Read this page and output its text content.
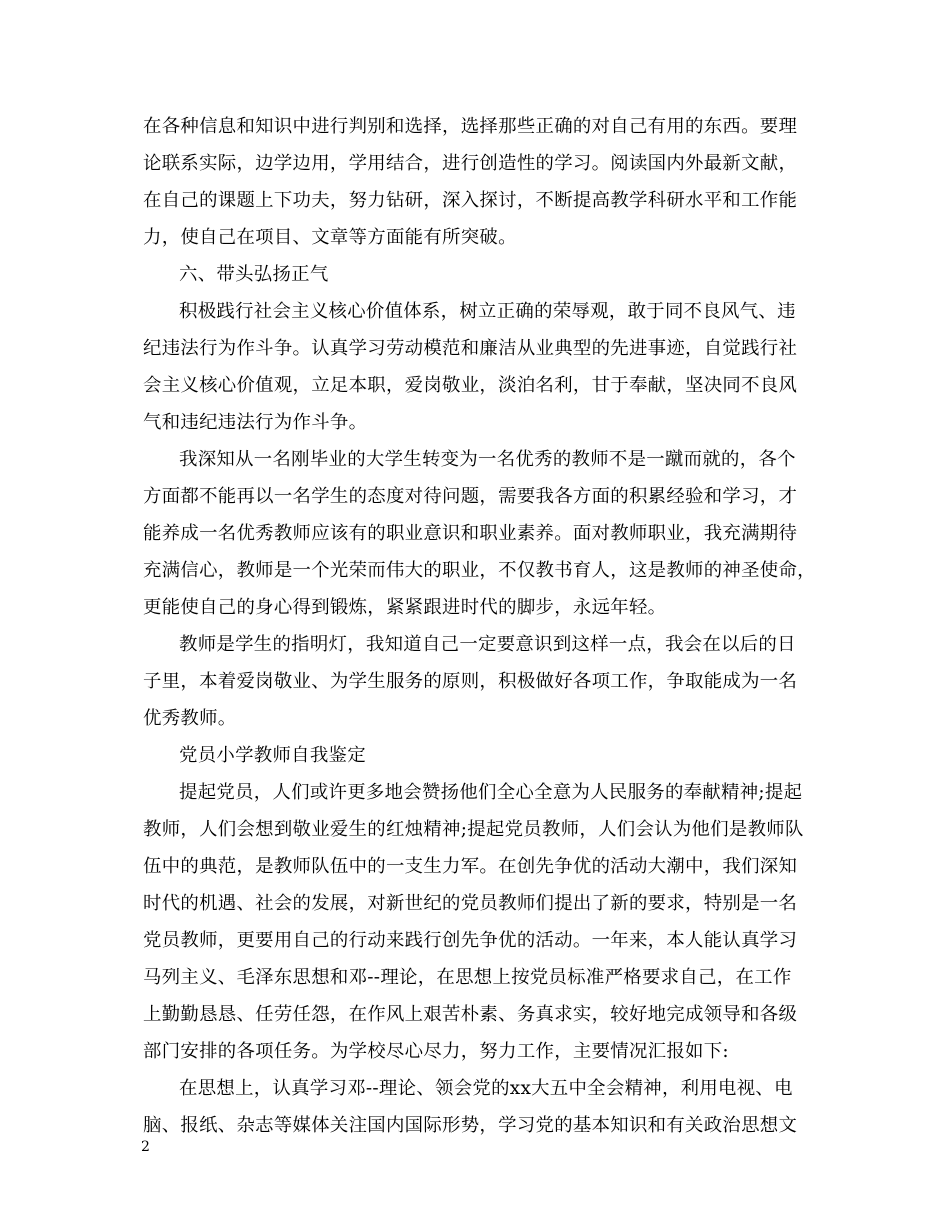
在各种信息和知识中进行判别和选择，选择那些正确的对自己有用的东西。要理
论联系实际，边学边用，学用结合，进行创造性的学习。阅读国内外最新文献，
在自己的课题上下功夫，努力钻研，深入探讨，不断提高教学科研水平和工作能
力，使自己在项目、文章等方面能有所突破。
六、带头弘扬正气
积极践行社会主义核心价值体系，树立正确的荣辱观，敢于同不良风气、违
纪违法行为作斗争。认真学习劳动模范和廉洁从业典型的先进事迹，自觉践行社
会主义核心价值观，立足本职，爱岗敬业，淡泊名利，甘于奉献，坚决同不良风
气和违纪违法行为作斗争。
我深知从一名刚毕业的大学生转变为一名优秀的教师不是一蹴而就的，各个
方面都不能再以一名学生的态度对待问题，需要我各方面的积累经验和学习，才
能养成一名优秀教师应该有的职业意识和职业素养。面对教师职业，我充满期待
充满信心，教师是一个光荣而伟大的职业，不仅教书育人，这是教师的神圣使命，
更能使自己的身心得到锻炼，紧紧跟进时代的脚步，永远年轻。
教师是学生的指明灯，我知道自己一定要意识到这样一点，我会在以后的日
子里，本着爱岗敬业、为学生服务的原则，积极做好各项工作，争取能成为一名
优秀教师。
党员小学教师自我鉴定
提起党员，人们或许更多地会赞扬他们全心全意为人民服务的奉献精神;提起
教师，人们会想到敬业爱生的红烛精神;提起党员教师，人们会认为他们是教师队
伍中的典范，是教师队伍中的一支生力军。在创先争优的活动大潮中，我们深知
时代的机遇、社会的发展，对新世纪的党员教师们提出了新的要求，特别是一名
党员教师，更要用自己的行动来践行创先争优的活动。一年来，本人能认真学习
马列主义、毛泽东思想和邓--理论，在思想上按党员标准严格要求自己，在工作
上勤勤恳恳、任劳任怨，在作风上艰苦朴素、务真求实，较好地完成领导和各级
部门安排的各项任务。为学校尽心尽力，努力工作，主要情况汇报如下:
在思想上，认真学习邓--理论、领会党的xx大五中全会精神，利用电视、电
脑、报纸、杂志等媒体关注国内国际形势，学习党的基本知识和有关政治思想文
2
